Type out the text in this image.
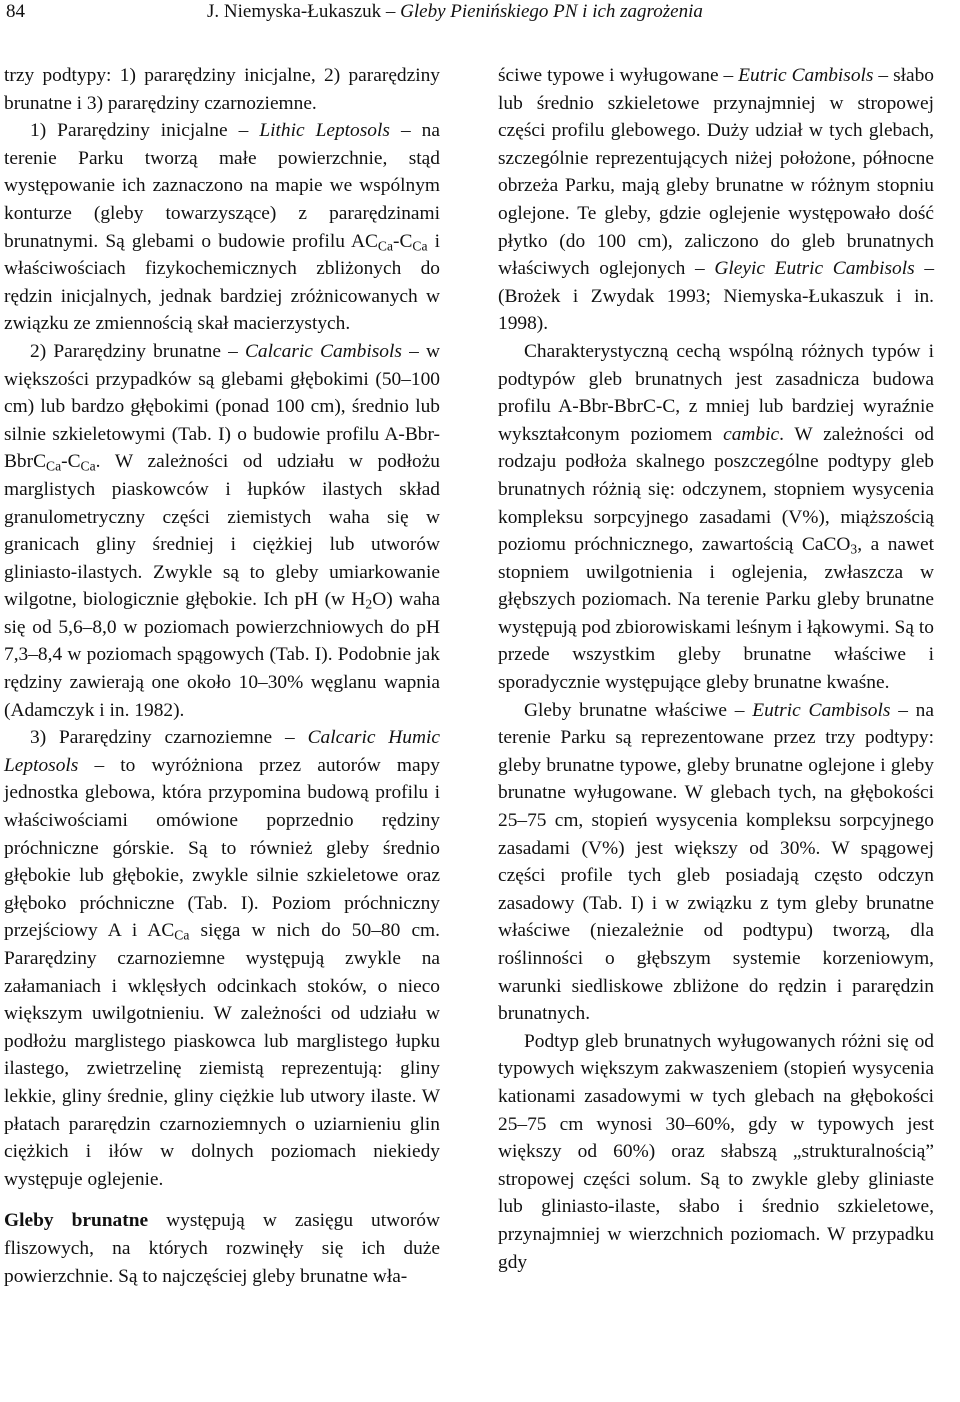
84	J. Niemyska-Łukaszuk – Gleby Pienińskiego PN i ich zagrożenia

trzy podtypy: 1) pararędziny inicjalne, 2) pararędziny brunatne i 3) pararędziny czarnoziemne.

1) Pararędziny inicjalne – Lithic Leptosols – na terenie Parku tworzą małe powierzchnie, stąd występowanie ich zaznaczono na mapie we wspólnym konturze (gleby towarzyszące) z pararędzinami brunatnymi. Są glebami o budowie profilu $AC_{Ca}-C_{Ca}$ i właściwościach fizykochemicznych zbliżonych do rędzin inicjalnych, jednak bardziej zróżnicowanych w związku ze zmiennością skał macierzystych.

2) Pararędziny brunatne – Calcaric Cambisols – w większości przypadków są glebami głębokimi (50–100 cm) lub bardzo głębokimi (ponad 100 cm), średnio lub silnie szkieletowymi (Tab. I) o budowie profilu $A-Bbr-BbrC_{Ca}-C_{Ca}$. W zależności od udziału w podłożu marglistych piaskowców i łupków ilastych skład granulometryczny części ziemistych waha się w granicach gliny średniej i ciężkiej lub utworów gliniasto-ilastych. Zwykle są to gleby umiarkowanie wilgotne, biologicznie głębokie. Ich pH (w $H_2O$) waha się od 5,6–8,0 w poziomach powierzchniowych do pH 7,3–8,4 w poziomach spągowych (Tab. I). Podobnie jak rędziny zawierają one około 10–30% węglanu wapnia (Adamczyk i in. 1982).

3) Pararędziny czarnoziemne – Calcaric Humic Leptosols – to wyróżniona przez autorów mapy jednostka glebowa, która przypomina budową profilu i właściwościami omówione poprzednio rędziny próchniczne górskie. Są to również gleby średnio głębokie lub głębokie, zwykle silnie szkieletowe oraz głęboko próchniczne (Tab. I). Poziom próchniczny przejściowy A i $AC_{Ca}$ sięga w nich do 50–80 cm. Pararędziny czarnoziemne występują zwykle na załamaniach i wklęsłych odcinkach stoków, o nieco większym uwilgotnieniu. W zależności od udziału w podłożu marglistego piaskowca lub marglistego łupku ilastego, zwietrzelinę ziemistą reprezentują: gliny lekkie, gliny średnie, gliny ciężkie lub utwory ilaste. W płatach pararędzin czarnoziemnych o uziarnieniu glin ciężkich i iłów w dolnych poziomach niekiedy występuje oglejenie.

Gleby brunatne występują w zasięgu utworów fliszowych, na których rozwinęły się ich duże powierzchnie. Są to najczęściej gleby brunatne wła-

ściwe typowe i wyługowane – Eutric Cambisols – słabo lub średnio szkieletowe przynajmniej w stropowej części profilu glebowego. Duży udział w tych glebach, szczególnie reprezentujących niżej położone, północne obrzeża Parku, mają gleby brunatne w różnym stopniu oglejone. Te gleby, gdzie oglejenie występowało dość płytko (do 100 cm), zaliczono do gleb brunatnych właściwych oglejonych – Gleyic Eutric Cambisols – (Brożek i Zwydak 1993; Niemyska-Łukaszuk i in. 1998).

Charakterystyczną cechą wspólną różnych typów i podtypów gleb brunatnych jest zasadnicza budowa profilu A-Bbr-BbrC-C, z mniej lub bardziej wyraźnie wykształconym poziomem cambic. W zależności od rodzaju podłoża skalnego poszczególne podtypy gleb brunatnych różnią się: odczynem, stopniem wysycenia kompleksu sorpcyjnego zasadami (V%), miąższością poziomu próchnicznego, zawartością CaCO$_3$, a nawet stopniem uwilgotnienia i oglejenia, zwłaszcza w głębszych poziomach. Na terenie Parku gleby brunatne występują pod zbiorowiskami leśnym i łąkowymi. Są to przede wszystkim gleby brunatne właściwe i sporadycznie występujące gleby brunatne kwaśne.

Gleby brunatne właściwe – Eutric Cambisols – na terenie Parku są reprezentowane przez trzy podtypy: gleby brunatne typowe, gleby brunatne oglejone i gleby brunatne wyługowane. W glebach tych, na głębokości 25–75 cm, stopień wysycenia kompleksu sorpcyjnego zasadami (V%) jest większy od 30%. W spągowej części profile tych gleb posiadają często odczyn zasadowy (Tab. I) i w związku z tym gleby brunatne właściwe (niezależnie od podtypu) tworzą, dla roślinności o głębszym systemie korzeniowym, warunki siedliskowe zbliżone do rędzin i pararędzin brunatnych.

Podtyp gleb brunatnych wyługowanych różni się od typowych większym zakwaszeniem (stopień wysycenia kationami zasadowymi w tych glebach na głębokości 25–75 cm wynosi 30–60%, gdy w typowych jest większy od 60%) oraz słabszą „strukturalnością” stropowej części solum. Są to zwykle gleby gliniaste lub gliniasto-ilaste, słabo i średnio szkieletowe, przynajmniej w wierzchnich poziomach. W przypadku gdy
